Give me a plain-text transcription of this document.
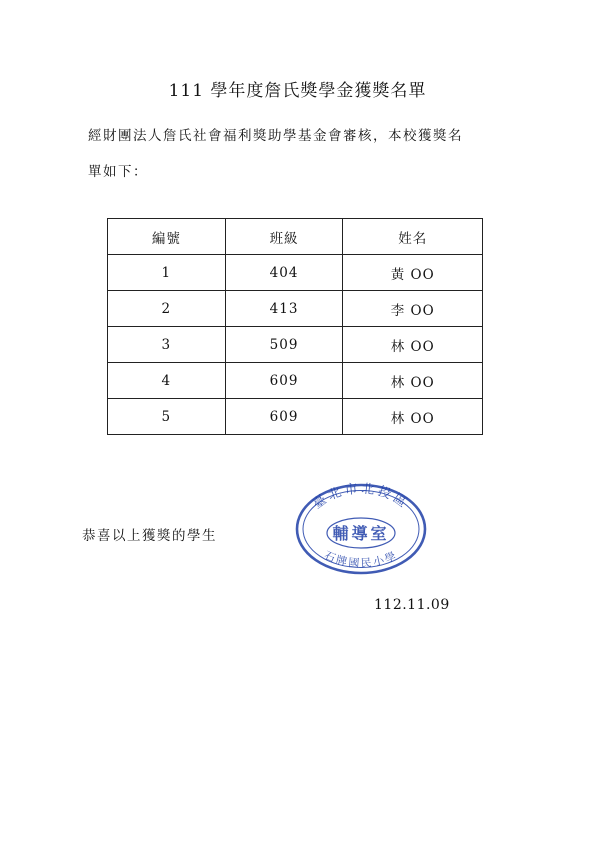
111 學年度詹氏獎學金獲獎名單
經財團法人詹氏社會福利獎助學基金會審核，本校獲獎名
單如下：
編號	班級	姓名
1	404	黃 OO
2	413	李 OO
3	509	林 OO
4	609	林 OO
5	609	林 OO
恭喜以上獲獎的學生
臺北市北投區
輔導室
石牌國民小學
112.11.09
